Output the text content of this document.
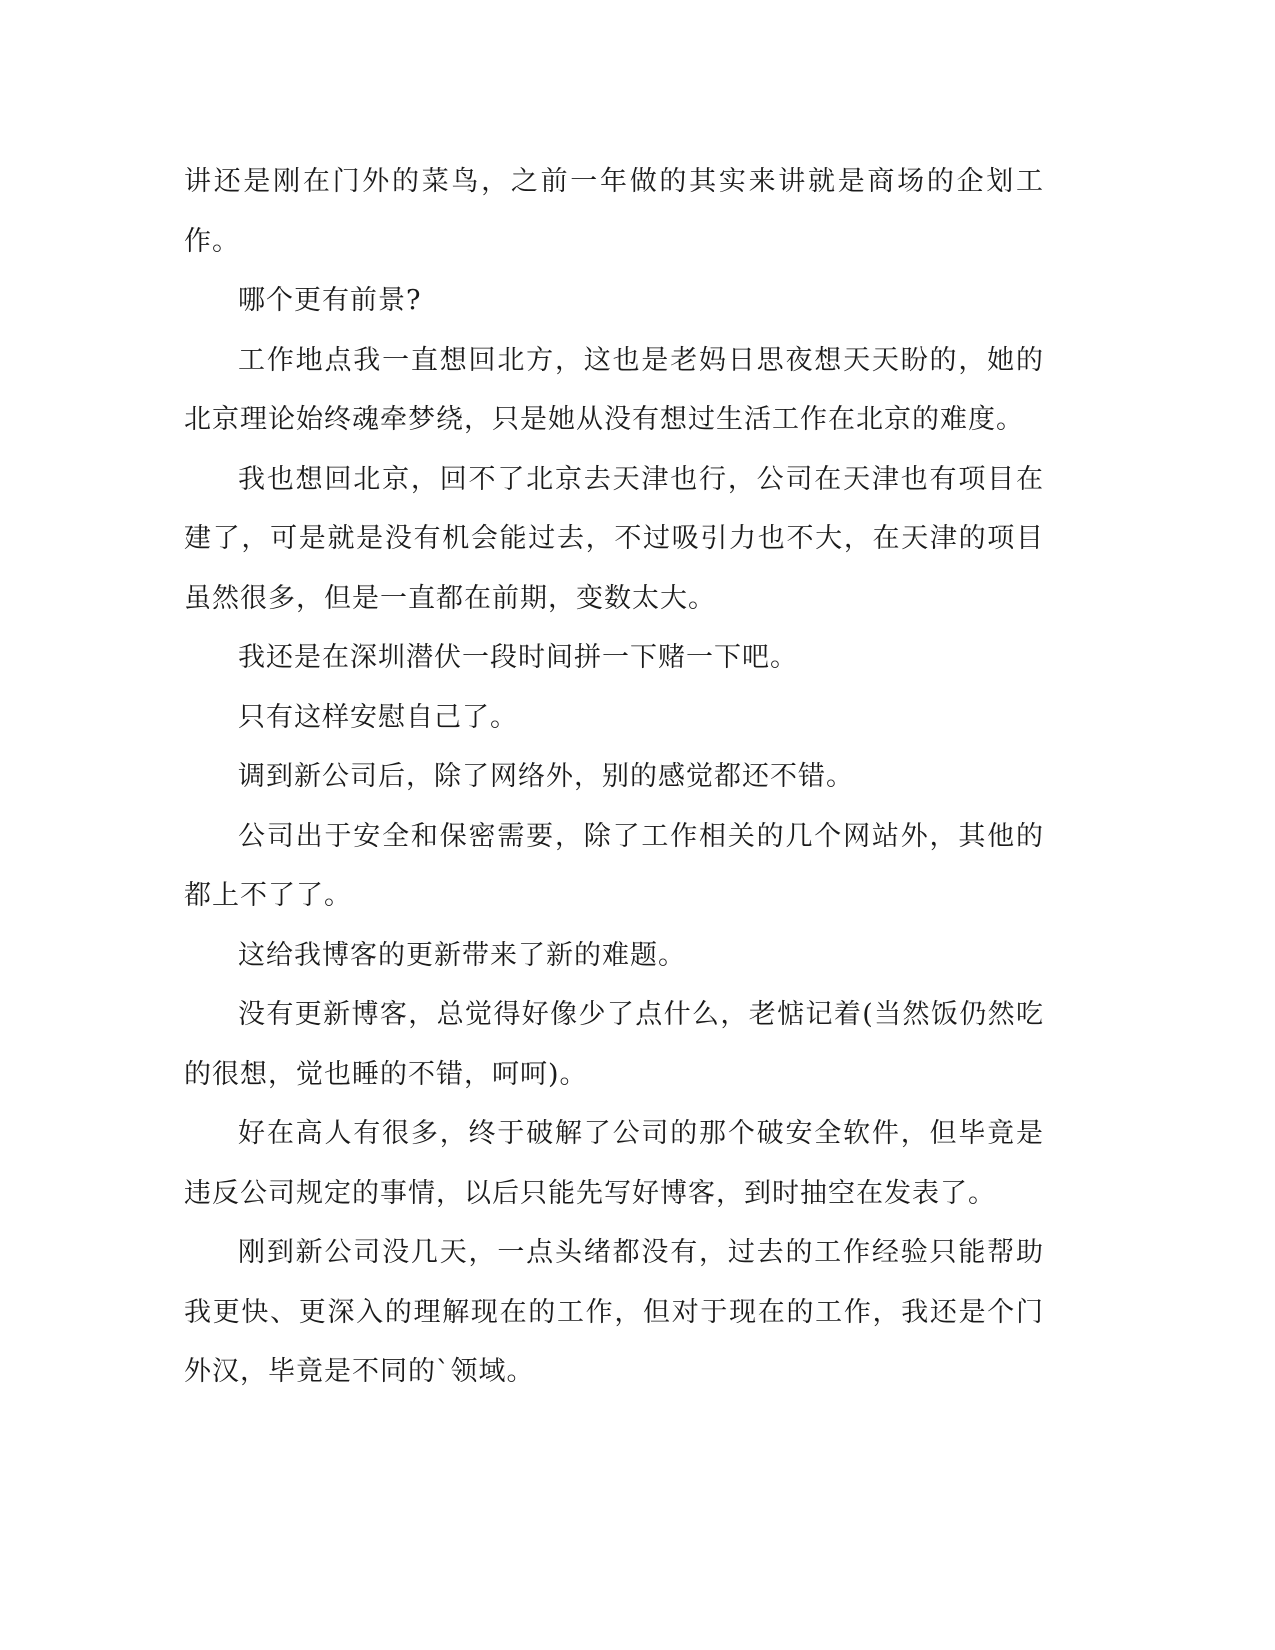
讲还是刚在门外的菜鸟，之前一年做的其实来讲就是商场的企划工作。

哪个更有前景?

工作地点我一直想回北方，这也是老妈日思夜想天天盼的，她的北京理论始终魂牵梦绕，只是她从没有想过生活工作在北京的难度。

我也想回北京，回不了北京去天津也行，公司在天津也有项目在建了，可是就是没有机会能过去，不过吸引力也不大，在天津的项目虽然很多，但是一直都在前期，变数太大。

我还是在深圳潜伏一段时间拼一下赌一下吧。

只有这样安慰自己了。

调到新公司后，除了网络外，别的感觉都还不错。

公司出于安全和保密需要，除了工作相关的几个网站外，其他的都上不了了。

这给我博客的更新带来了新的难题。

没有更新博客，总觉得好像少了点什么，老惦记着(当然饭仍然吃的很想，觉也睡的不错，呵呵)。

好在高人有很多，终于破解了公司的那个破安全软件，但毕竟是违反公司规定的事情，以后只能先写好博客，到时抽空在发表了。

刚到新公司没几天，一点头绪都没有，过去的工作经验只能帮助我更快、更深入的理解现在的工作，但对于现在的工作，我还是个门外汉，毕竟是不同的`领域。
